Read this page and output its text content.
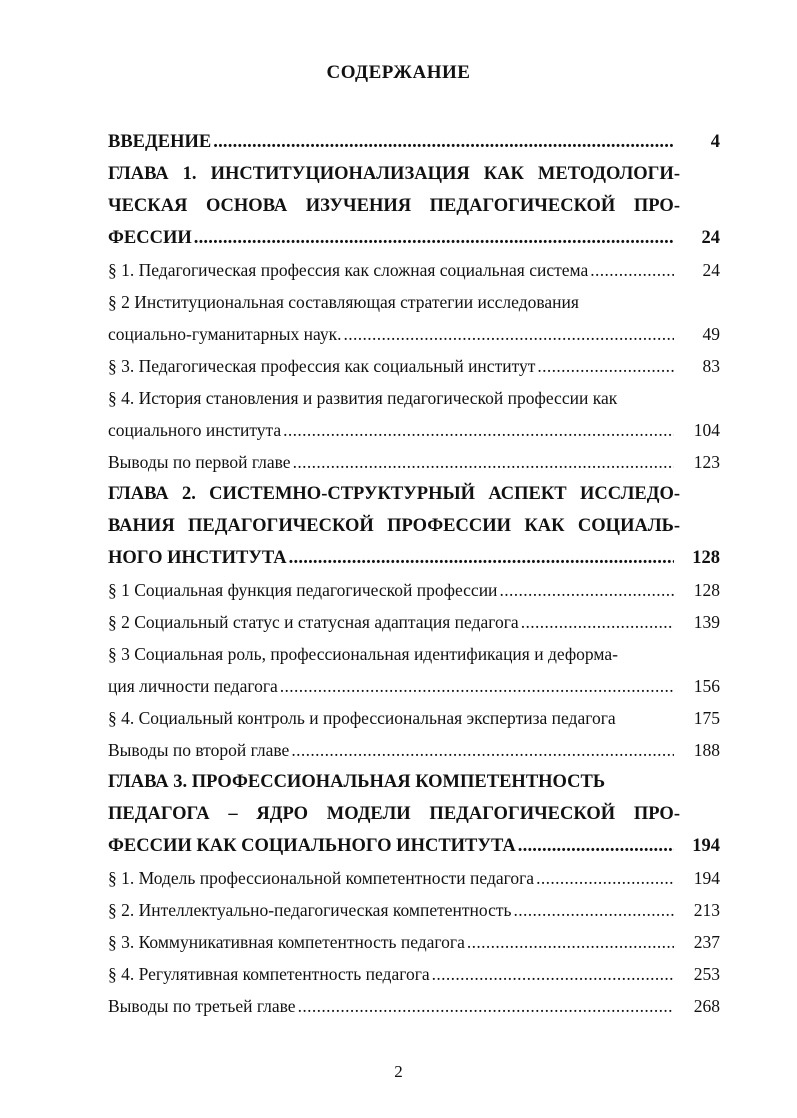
СОДЕРЖАНИЕ
ВВЕДЕНИЕ . . .	4
ГЛАВА 1. ИНСТИТУЦИОНАЛИЗАЦИЯ КАК МЕТОДОЛОГИ-
ЧЕСКАЯ ОСНОВА ИЗУЧЕНИЯ ПЕДАГОГИЧЕСКОЙ ПРО-
ФЕССИИ . . .	24
§ 1. Педагогическая профессия как сложная социальная система . . .	24
§ 2 Институциональная составляющая стратегии исследования
социально-гуманитарных наук. . . .	49
§ 3. Педагогическая профессия как социальный институт . . .	83
§ 4. История становления и развития педагогической профессии как
социального института . . .	104
Выводы по первой главе . . .	123
ГЛАВА 2. СИСТЕМНО-СТРУКТУРНЫЙ АСПЕКТ ИССЛЕДО-
ВАНИЯ ПЕДАГОГИЧЕСКОЙ ПРОФЕССИИ КАК СОЦИАЛЬ-
НОГО ИНСТИТУТА . . .	128
§ 1 Социальная функция педагогической профессии . . .	128
§ 2 Социальный статус и статусная адаптация педагога . . .	139
§ 3 Социальная роль, профессиональная идентификация и деформа-
ция личности педагога . . .	156
§ 4. Социальный контроль и профессиональная экспертиза педагога	175
Выводы по второй главе . . .	188
ГЛАВА 3. ПРОФЕССИОНАЛЬНАЯ КОМПЕТЕНТНОСТЬ
ПЕДАГОГА – ЯДРО МОДЕЛИ ПЕДАГОГИЧЕСКОЙ ПРО-
ФЕССИИ КАК СОЦИАЛЬНОГО ИНСТИТУТА . . .	194
§ 1. Модель профессиональной компетентности педагога . . .	194
§ 2. Интеллектуально-педагогическая компетентность . . .	213
§ 3. Коммуникативная компетентность педагога . . .	237
§ 4. Регулятивная компетентность педагога . . .	253
Выводы по третьей главе . . .	268
2
